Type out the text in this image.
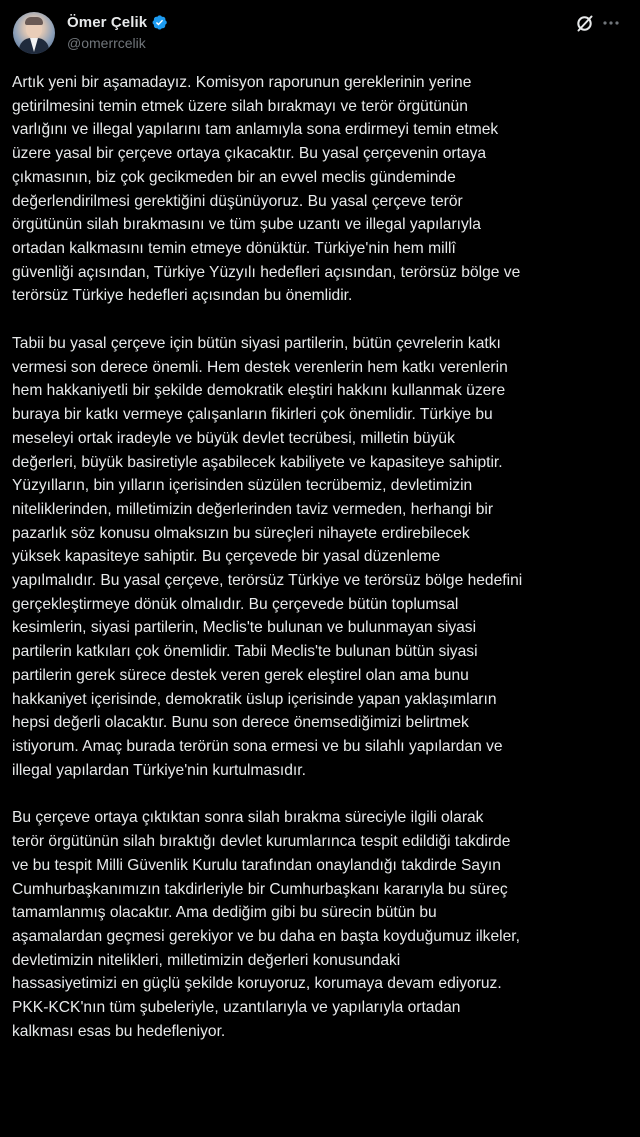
Ömer Çelik
@omerrcelik

Artık yeni bir aşamadayız. Komisyon raporunun gereklerinin yerine
getirilmesini temin etmek üzere silah bırakmayı ve terör örgütünün
varlığını ve illegal yapılarını tam anlamıyla sona erdirmeyi temin etmek
üzere yasal bir çerçeve ortaya çıkacaktır. Bu yasal çerçevenin ortaya
çıkmasının, biz çok gecikmeden bir an evvel meclis gündeminde
değerlendirilmesi gerektiğini düşünüyoruz. Bu yasal çerçeve terör
örgütünün silah bırakmasını ve tüm şube uzantı ve illegal yapılarıyla
ortadan kalkmasını temin etmeye dönüktür. Türkiye'nin hem millî
güvenliği açısından, Türkiye Yüzyılı hedefleri açısından, terörsüz bölge ve
terörsüz Türkiye hedefleri açısından bu önemlidir.

Tabii bu yasal çerçeve için bütün siyasi partilerin, bütün çevrelerin katkı
vermesi son derece önemli. Hem destek verenlerin hem katkı verenlerin
hem hakkaniyetli bir şekilde demokratik eleştiri hakkını kullanmak üzere
buraya bir katkı vermeye çalışanların fikirleri çok önemlidir. Türkiye bu
meseleyi ortak iradeyle ve büyük devlet tecrübesi, milletin büyük
değerleri, büyük basiretiyle aşabilecek kabiliyete ve kapasiteye sahiptir.
Yüzyılların, bin yılların içerisinden süzülen tecrübemiz, devletimizin
niteliklerinden, milletimizin değerlerinden taviz vermeden, herhangi bir
pazarlık söz konusu olmaksızın bu süreçleri nihayete erdirebilecek
yüksek kapasiteye sahiptir. Bu çerçevede bir yasal düzenleme
yapılmalıdır. Bu yasal çerçeve, terörsüz Türkiye ve terörsüz bölge hedefini
gerçekleştirmeye dönük olmalıdır. Bu çerçevede bütün toplumsal
kesimlerin, siyasi partilerin, Meclis'te bulunan ve bulunmayan siyasi
partilerin katkıları çok önemlidir. Tabii Meclis'te bulunan bütün siyasi
partilerin gerek sürece destek veren gerek eleştirel olan ama bunu
hakkaniyet içerisinde, demokratik üslup içerisinde yapan yaklaşımların
hepsi değerli olacaktır. Bunu son derece önemsediğimizi belirtmek
istiyorum. Amaç burada terörün sona ermesi ve bu silahlı yapılardan ve
illegal yapılardan Türkiye'nin kurtulmasıdır.

Bu çerçeve ortaya çıktıktan sonra silah bırakma süreciyle ilgili olarak
terör örgütünün silah bıraktığı devlet kurumlarınca tespit edildiği takdirde
ve bu tespit Milli Güvenlik Kurulu tarafından onaylandığı takdirde Sayın
Cumhurbaşkanımızın takdirleriyle bir Cumhurbaşkanı kararıyla bu süreç
tamamlanmış olacaktır. Ama dediğim gibi bu sürecin bütün bu
aşamalardan geçmesi gerekiyor ve bu daha en başta koyduğumuz ilkeler,
devletimizin nitelikleri, milletimizin değerleri konusundaki
hassasiyetimizi en güçlü şekilde koruyoruz, korumaya devam ediyoruz.
PKK-KCK'nın tüm şubeleriyle, uzantılarıyla ve yapılarıyla ortadan
kalkması esas bu hedefleniyor.
